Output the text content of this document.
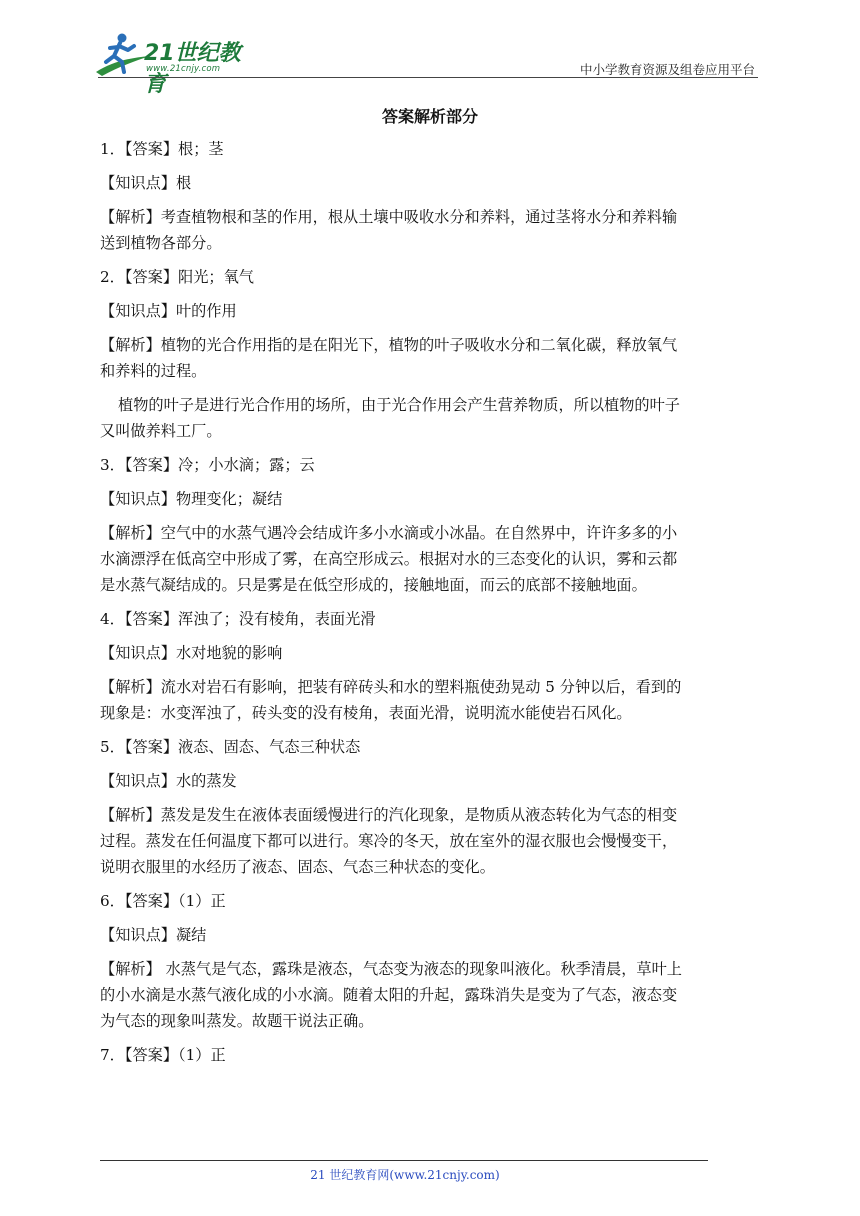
21世纪教育
www.21cnjy.com	中小学教育资源及组卷应用平台
答案解析部分
1．【答案】根；茎
【知识点】根
【解析】考查植物根和茎的作用，根从土壤中吸收水分和养料，通过茎将水分和养料输
送到植物各部分。
2．【答案】阳光；氧气
【知识点】叶的作用
【解析】植物的光合作用指的是在阳光下，植物的叶子吸收水分和二氧化碳，释放氧气
和养料的过程。
植物的叶子是进行光合作用的场所，由于光合作用会产生营养物质，所以植物的叶子
又叫做养料工厂。
3．【答案】冷；小水滴；露；云
【知识点】物理变化；凝结
【解析】空气中的水蒸气遇冷会结成许多小水滴或小冰晶。在自然界中，许许多多的小
水滴漂浮在低高空中形成了雾，在高空形成云。根据对水的三态变化的认识，雾和云都
是水蒸气凝结成的。只是雾是在低空形成的，接触地面，而云的底部不接触地面。
4．【答案】浑浊了；没有棱角，表面光滑
【知识点】水对地貌的影响
【解析】流水对岩石有影响，把装有碎砖头和水的塑料瓶使劲晃动 5 分钟以后，看到的
现象是：水变浑浊了，砖头变的没有棱角，表面光滑，说明流水能使岩石风化。
5．【答案】液态、固态、气态三种状态
【知识点】水的蒸发
【解析】蒸发是发生在液体表面缓慢进行的汽化现象，是物质从液态转化为气态的相变
过程。蒸发在任何温度下都可以进行。寒冷的冬天，放在室外的湿衣服也会慢慢变干，
说明衣服里的水经历了液态、固态、气态三种状态的变化。
6．【答案】（1）正
【知识点】凝结
【解析】 水蒸气是气态，露珠是液态，气态变为液态的现象叫液化。秋季清晨，草叶上
的小水滴是水蒸气液化成的小水滴。随着太阳的升起，露珠消失是变为了气态，液态变
为气态的现象叫蒸发。故题干说法正确。
7．【答案】（1）正
21 世纪教育网(www.21cnjy.com)
